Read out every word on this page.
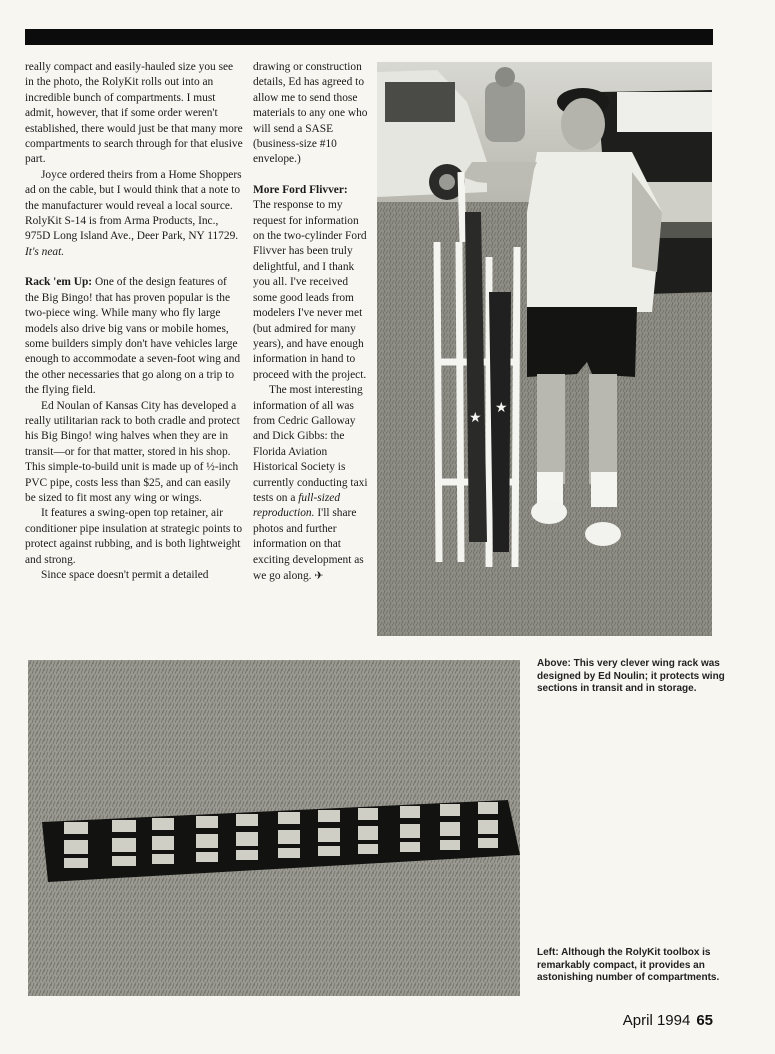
really compact and easily-hauled size you see in the photo, the RolyKit rolls out into an incredible bunch of compartments. I must admit, however, that if some order weren't established, there would just be that many more compartments to search through for that elusive part.

Joyce ordered theirs from a Home Shoppers ad on the cable, but I would think that a note to the manufacturer would reveal a local source. RolyKit S-14 is from Arma Products, Inc., 975D Long Island Ave., Deer Park, NY 11729. It's neat.

Rack 'em Up: One of the design features of the Big Bingo! that has proven popular is the two-piece wing. While many who fly large models also drive big vans or mobile homes, some builders simply don't have vehicles large enough to accommodate a seven-foot wing and the other necessaries that go along on a trip to the flying field.

Ed Noulan of Kansas City has developed a really utilitarian rack to both cradle and protect his Big Bingo! wing halves when they are in transit—or for that matter, stored in his shop. This simple-to-build unit is made up of ½-inch PVC pipe, costs less than $25, and can easily be sized to fit most any wing or wings.

It features a swing-open top retainer, air conditioner pipe insulation at strategic points to protect against rubbing, and is both lightweight and strong.

Since space doesn't permit a detailed

drawing or construction details, Ed has agreed to allow me to send those materials to any one who will send a SASE (business-size #10 envelope.)

More Ford Flivver:

The response to my request for information on the two-cylinder Ford Flivver has been truly delightful, and I thank you all. I've received some good leads from modelers I've never met (but admired for many years), and have enough information in hand to proceed with the project.

The most interesting information of all was from Cedric Galloway and Dick Gibbs: the Florida Aviation Historical Society is currently conducting taxi tests on a full-sized reproduction. I'll share photos and further information on that exciting development as we go along. ✈

★
★
Above: This very clever wing rack was designed by Ed Noulin; it protects wing sections in transit and in storage.
Left: Although the RolyKit toolbox is remarkably compact, it provides an astonishing number of compartments.
April 1994 65
